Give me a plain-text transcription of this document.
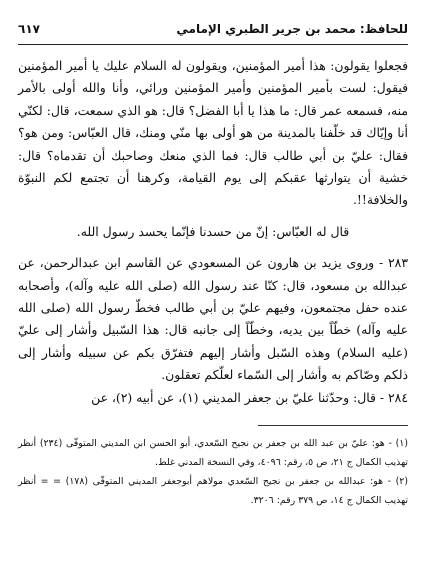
للحافظ: محمد بن جرير الطبري الإمامي
٦١٧

فجعلوا يقولون: هذا أمير المؤمنين، ويقولون له السلام عليك يا أمير المؤمنين فيقول: لست بأمير المؤمنين وأمير المؤمنين ورائي، وأنا والله أولى بالأمر منه، فسمعه عمر قال: ما هذا يا أبا الفضل؟ قال: هو الذي سمعت، قال: لكنّي أنا وإيّاك قد خلّفنا بالمدينة من هو أولى بها منّي ومنك، قال العبّاس: ومن هو؟ فقال: عليّ بن أبي طالب قال: فما الذي منعك وصاحبك أن تقدماه؟ قال: خشية أن يتوارثها عقبكم إلى يوم القيامة، وكرهنا أن تجتمع لكم النبوّة والخلافة!!.

قال له العبّاس: إنّ من حسدنا فإنّما يحسد رسول الله.

٢٨٣ - وروى يزيد بن هارون عن المسعودي عن القاسم ابن عبدالرحمن، عن عبدالله بن مسعود، قال: كنّا عند رسول الله (صلى الله عليه وآله)، وأصحابه عنده حفل مجتمعون، وفيهم عليّ بن أبي طالب فخطّ رسول الله (صلى الله عليه وآله) خطّاً بين يديه، وخطّاً إلى جانبه قال: هذا السّبيل وأشار إلى عليّ (عليه السلام) وهذه السّبل وأشار إليهم فتفرّق بكم عن سبيله وأشار إلى ذلكم وصّاكم به وأشار إلى السّماء لعلّكم تعقلون.

٢٨٤ - قال: وحدّثنا عليّ بن جعفر المديني (١)، عن أبيه (٢)، عن

(١) - هو: عليّ بن عبد الله بن جعفر بن نجيح السّعدي، أبو الحسن ابن المديني المتوفّى (٢٣٤) أنظر تهذيب الكمال ج ٢١، ص ٥، رقم: ٤٠٩٦، وفي النسخة المدني غلط.

(٢) - هو: عبدالله بن جعفر بن نجيح السّعدي مولاهم أبوجعفر المديني المتوفّى (١٧٨) = = أنظر تهذيب الكمال ج ١٤، ص ٣٧٩ رقم: ٣٢٠٦.
